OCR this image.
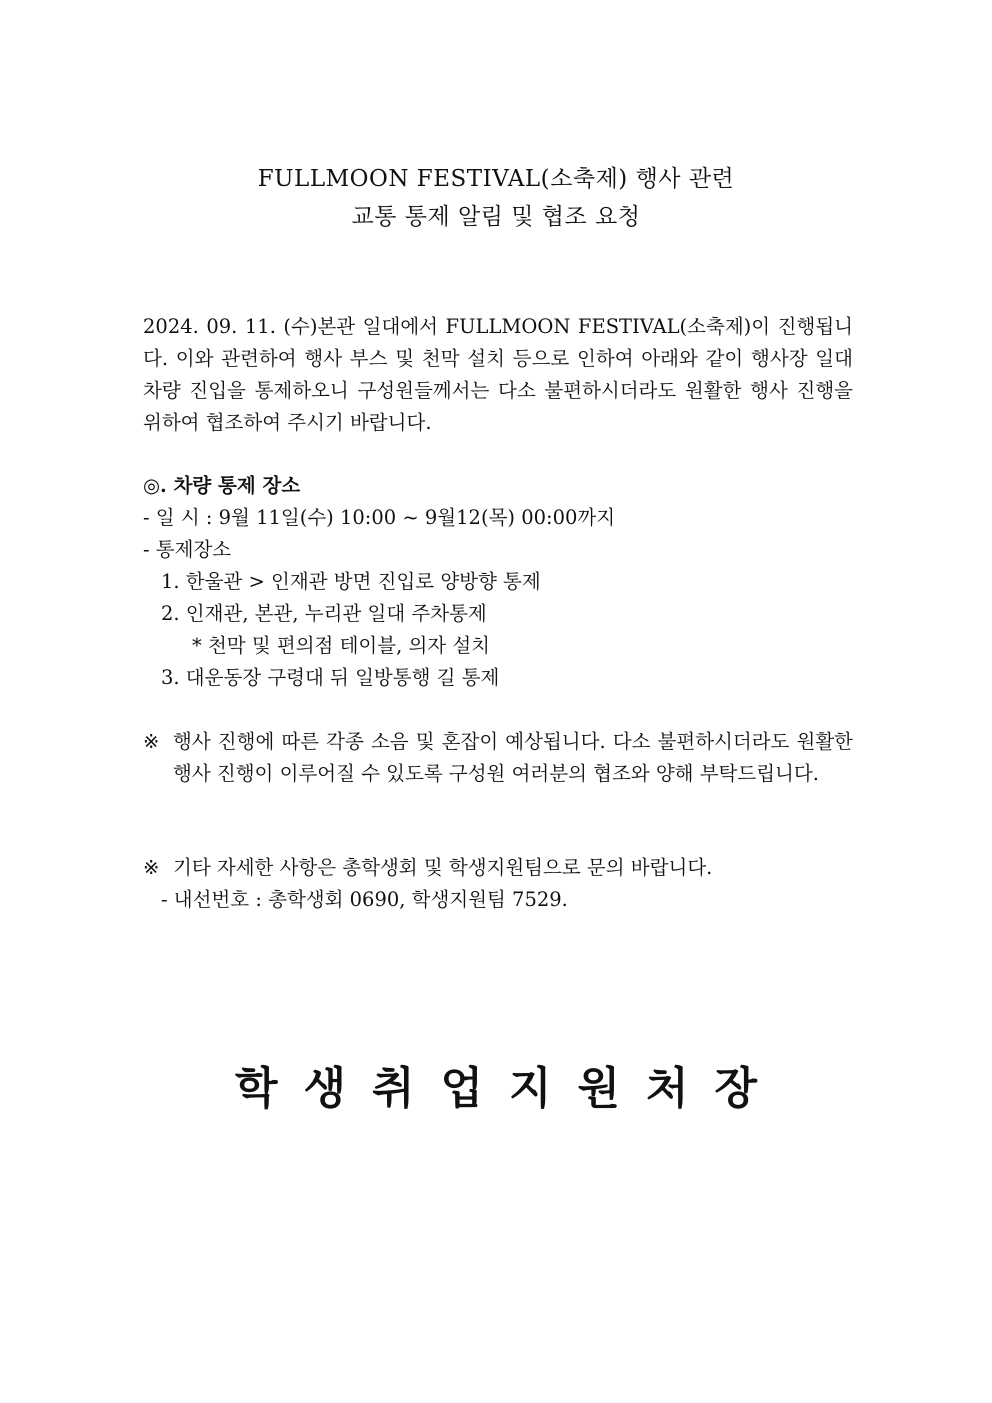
FULLMOON FESTIVAL(소축제) 행사 관련
교통 통제 알림 및 협조 요청
2024. 09. 11. (수)본관 일대에서 FULLMOON FESTIVAL(소축제)이 진행됩니다. 이와 관련하여 행사 부스 및 천막 설치 등으로 인하여 아래와 같이 행사장 일대 차량 진입을 통제하오니 구성원들께서는 다소 불편하시더라도 원활한 행사 진행을 위하여 협조하여 주시기 바랍니다.
◎. 차량 통제 장소
- 일 시 : 9월 11일(수) 10:00 ~ 9월12(목) 00:00까지
- 통제장소
1. 한울관 > 인재관 방면 진입로 양방향 통제
2. 인재관, 본관, 누리관 일대 주차통제
* 천막 및 편의점 테이블, 의자 설치
3. 대운동장 구령대 뒤 일방통행 길 통제
※ 행사 진행에 따른 각종 소음 및 혼잡이 예상됩니다. 다소 불편하시더라도 원활한 행사 진행이 이루어질 수 있도록 구성원 여러분의 협조와 양해 부탁드립니다.
※ 기타 자세한 사항은 총학생회 및 학생지원팀으로 문의 바랍니다.
- 내선번호 : 총학생회 0690, 학생지원팀 7529.
학생취업지원처장
